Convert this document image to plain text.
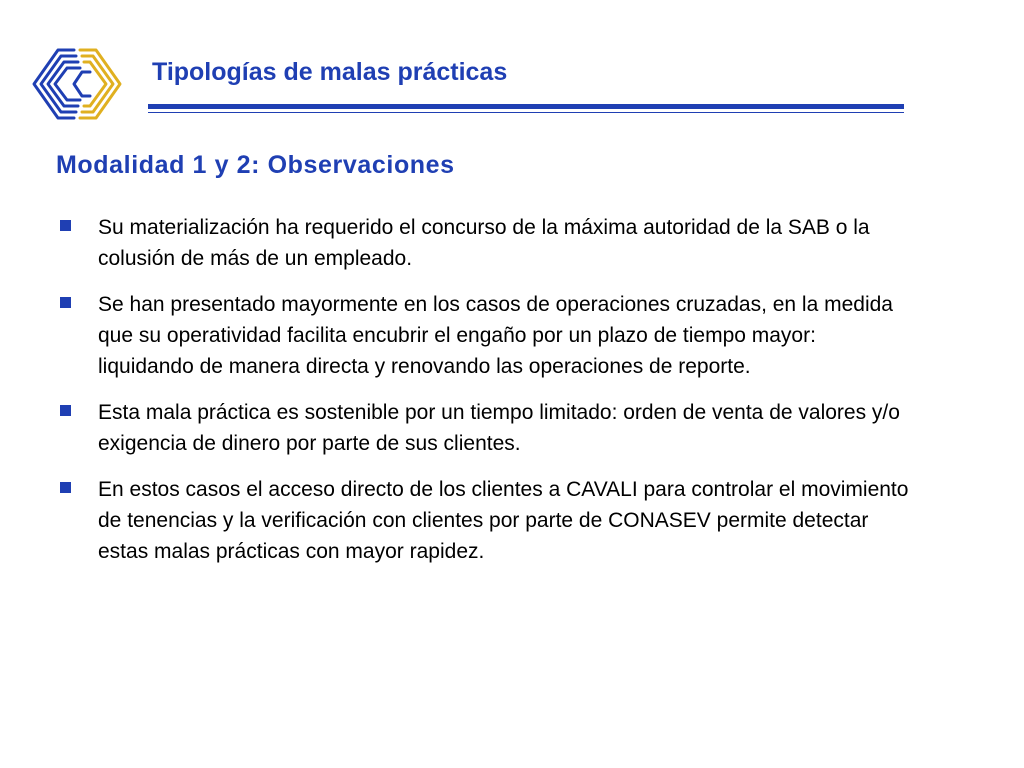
Tipologías de malas prácticas
Modalidad 1 y 2: Observaciones
Su materialización ha requerido el concurso de la máxima autoridad de la SAB o la colusión de más de un empleado.
Se han presentado mayormente en los casos de operaciones cruzadas, en la medida que su operatividad facilita encubrir el engaño por un plazo de tiempo mayor: liquidando de manera directa y renovando las operaciones de reporte.
Esta mala práctica es sostenible por un tiempo limitado: orden de venta de valores y/o exigencia de dinero por parte de sus clientes.
En estos casos el acceso directo de los clientes a CAVALI para controlar el movimiento de tenencias y la verificación con clientes por parte de CONASEV permite detectar estas malas prácticas con mayor rapidez.
